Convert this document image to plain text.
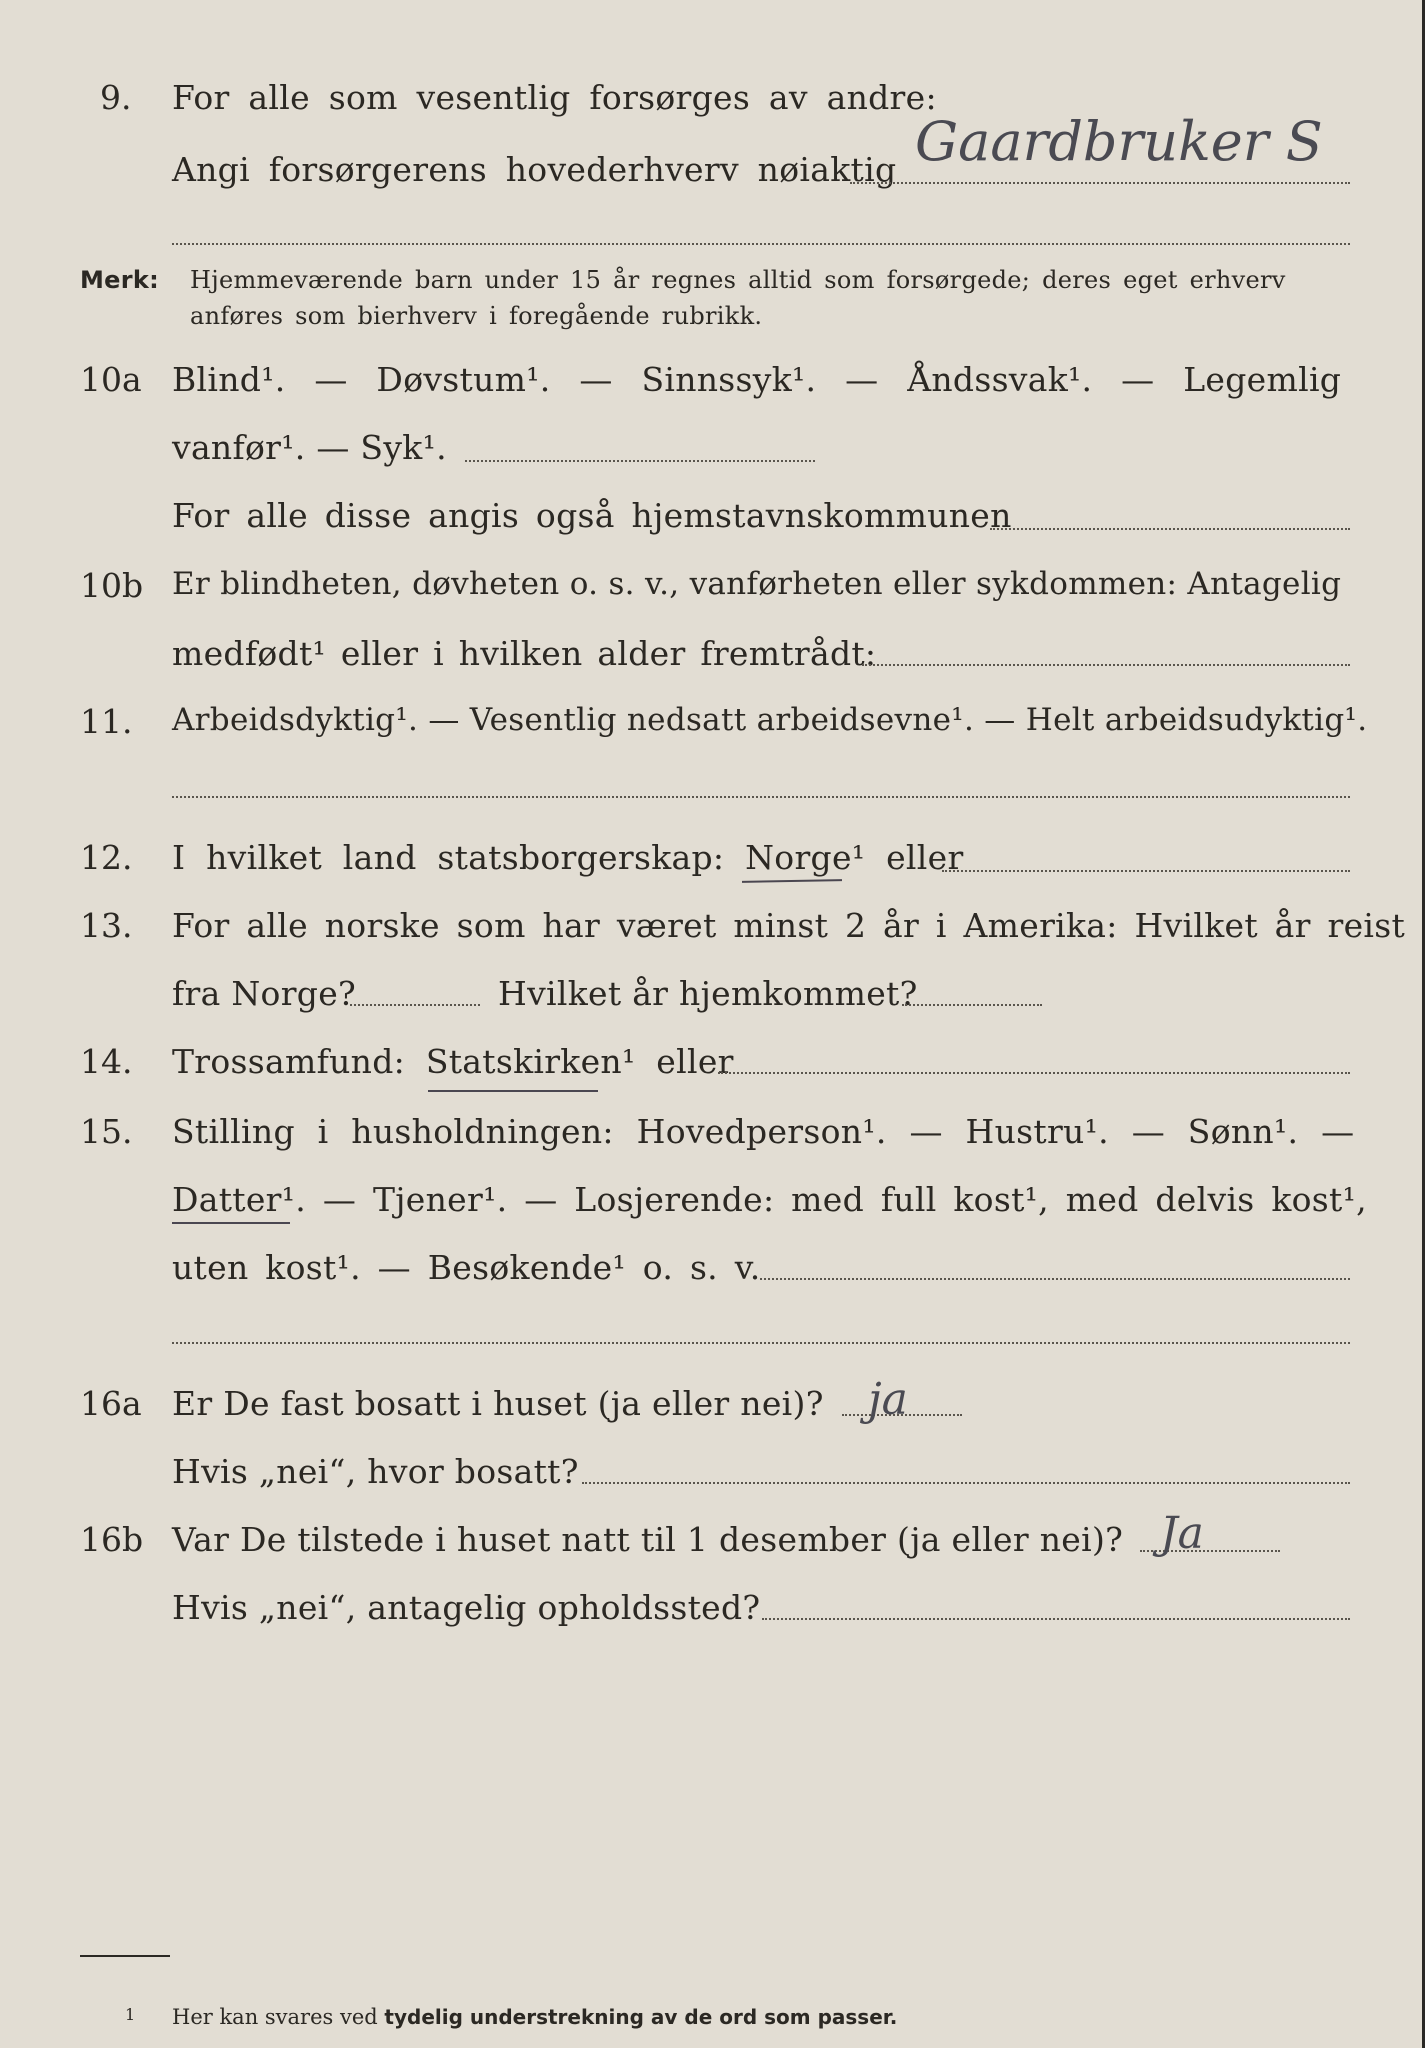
9. For alle som vesentlig forsørges av andre:
Angi forsørgerens hovederhverv nøiaktig Gaardbruker S
Merk: Hjemmeværende barn under 15 år regnes alltid som forsørgede; deres eget erhverv
anføres som bierhverv i foregående rubrikk.
10a Blind¹. — Døvstum¹. — Sinnssyk¹. — Åndssvak¹. — Legemlig
vanfør¹. — Syk¹.
For alle disse angis også hjemstavnskommunen
10b Er blindheten, døvheten o. s. v., vanførheten eller sykdommen: Antagelig
medfødt¹ eller i hvilken alder fremtrådt:
11. Arbeidsdyktig¹. — Vesentlig nedsatt arbeidsevne¹. — Helt arbeidsudyktig¹.
12. I hvilket land statsborgerskap: Norge¹ eller
13. For alle norske som har været minst 2 år i Amerika: Hvilket år reist
fra Norge?	Hvilket år hjemkommet?
14. Trossamfund: Statskirken¹ eller
15. Stilling i husholdningen: Hovedperson¹. — Hustru¹. — Sønn¹. —
Datter¹. — Tjener¹. — Losjerende: med full kost¹, med delvis kost¹,
uten kost¹. — Besøkende¹ o. s. v.
16a Er De fast bosatt i huset (ja eller nei)? ja
Hvis „nei“, hvor bosatt?
16b Var De tilstede i huset natt til 1 desember (ja eller nei)? Ja
Hvis „nei“, antagelig opholdssted?
1 Her kan svares ved tydelig understrekning av de ord som passer.
